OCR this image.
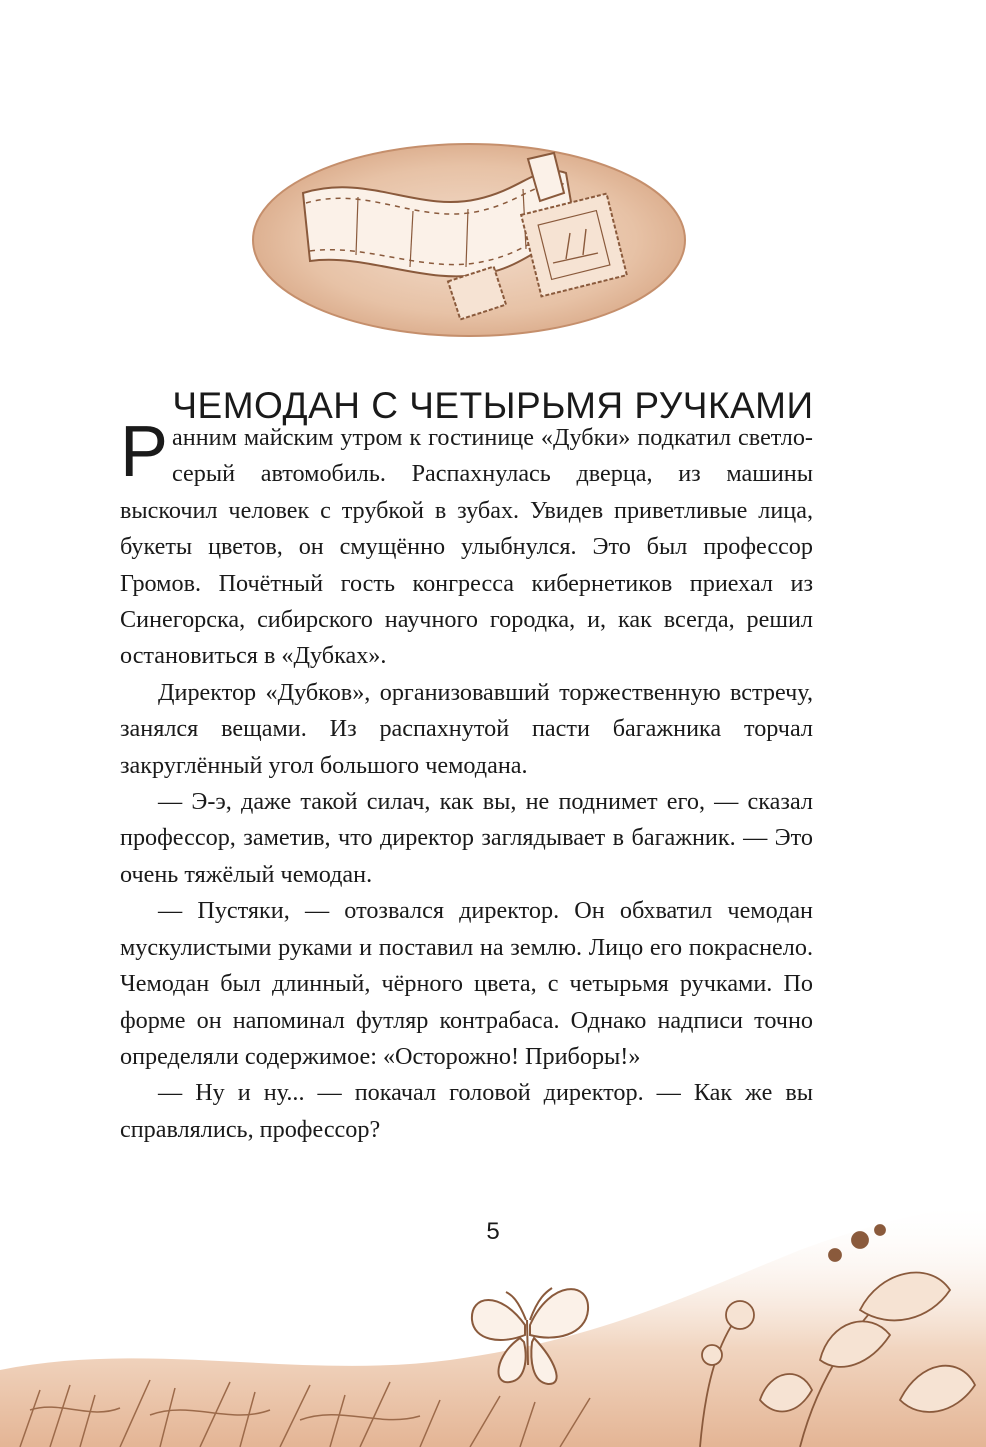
ЧЕМОДАН С ЧЕТЫРЬМЯ РУЧКАМИ

Ранним майским утром к гостинице «Дубки» подкатил светло-серый автомобиль. Распахнулась дверца, из машины выскочил человек с трубкой в зубах. Увидев приветливые лица, букеты цветов, он смущённо улыбнулся. Это был профессор Громов. Почётный гость конгресса кибернетиков приехал из Синегорска, сибирского научного городка, и, как всегда, решил остановиться в «Дубках».

Директор «Дубков», организовавший торжественную встречу, занялся вещами. Из распахнутой пасти багажника торчал закруглённый угол большого чемодана.

— Э-э, даже такой силач, как вы, не поднимет его, — сказал профессор, заметив, что директор заглядывает в багажник. — Это очень тяжёлый чемодан.

— Пустяки, — отозвался директор. Он обхватил чемодан мускулистыми руками и поставил на землю. Лицо его покраснело. Чемодан был длинный, чёрного цвета, с четырьмя ручками. По форме он напоминал футляр контрабаса. Однако надписи точно определяли содержимое: «Осторожно! Приборы!»

— Ну и ну... — покачал головой директор. — Как же вы справлялись, профессор?

5
